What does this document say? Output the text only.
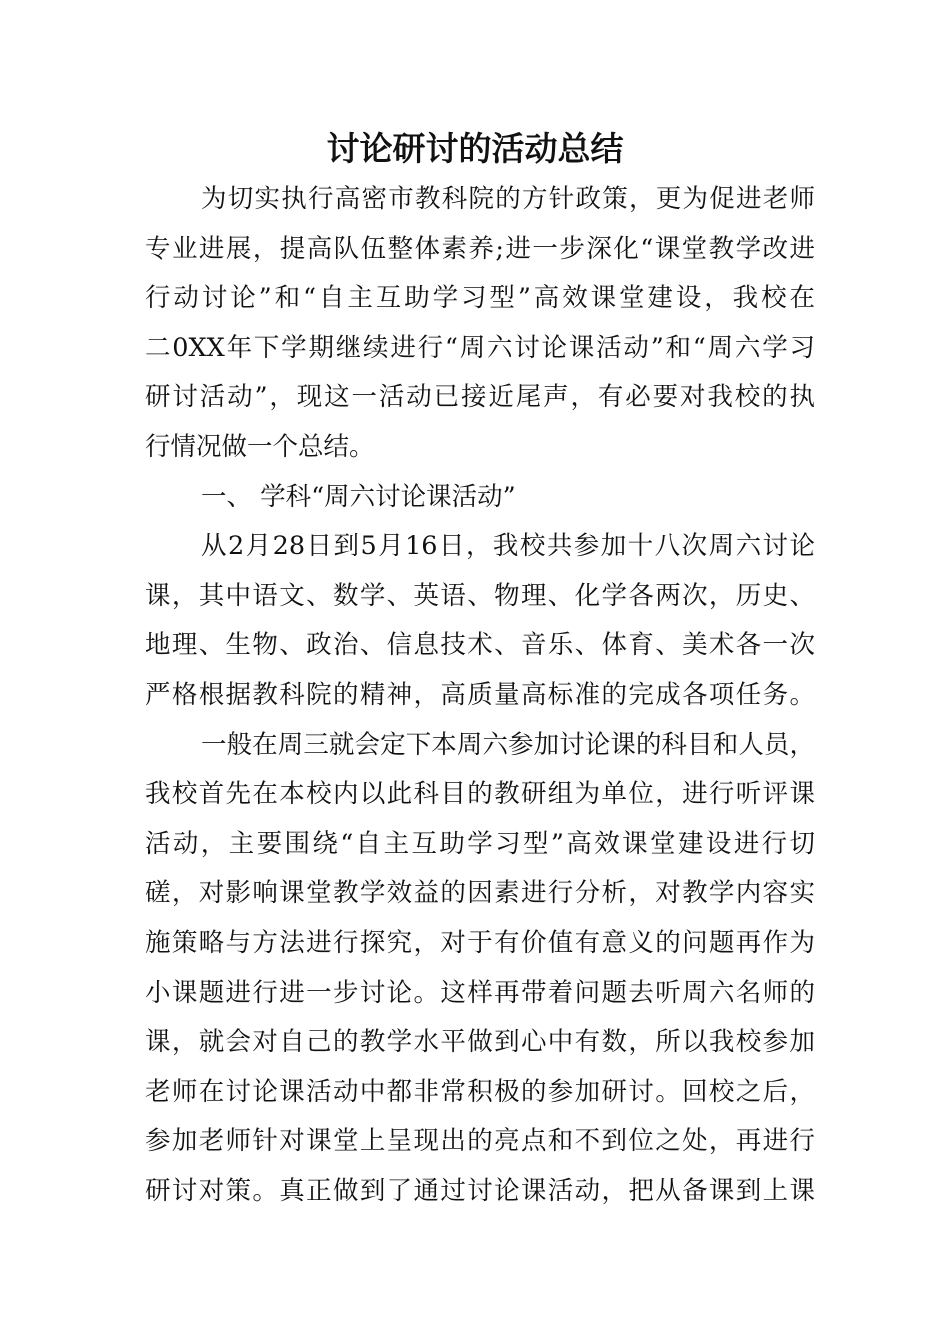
讨论研讨的活动总结
为切实执行高密市教科院的方针政策，更为促进老师
专业进展，提高队伍整体素养;进一步深化“课堂教学改进
行动讨论”和“自主互助学习型”高效课堂建设，我校在
二0XX年下学期继续进行“周六讨论课活动”和“周六学习
研讨活动”，现这一活动已接近尾声，有必要对我校的执
行情况做一个总结。
一、 学科“周六讨论课活动”
从2月28日到5月16日，我校共参加十八次周六讨论
课，其中语文、数学、英语、物理、化学各两次，历史、
地理、生物、政治、信息技术、音乐、体育、美术各一次
严格根据教科院的精神，高质量高标准的完成各项任务。
一般在周三就会定下本周六参加讨论课的科目和人员，
我校首先在本校内以此科目的教研组为单位，进行听评课
活动，主要围绕“自主互助学习型”高效课堂建设进行切
磋，对影响课堂教学效益的因素进行分析，对教学内容实
施策略与方法进行探究，对于有价值有意义的问题再作为
小课题进行进一步讨论。这样再带着问题去听周六名师的
课，就会对自己的教学水平做到心中有数，所以我校参加
老师在讨论课活动中都非常积极的参加研讨。回校之后，
参加老师针对课堂上呈现出的亮点和不到位之处，再进行
研讨对策。真正做到了通过讨论课活动，把从备课到上课
